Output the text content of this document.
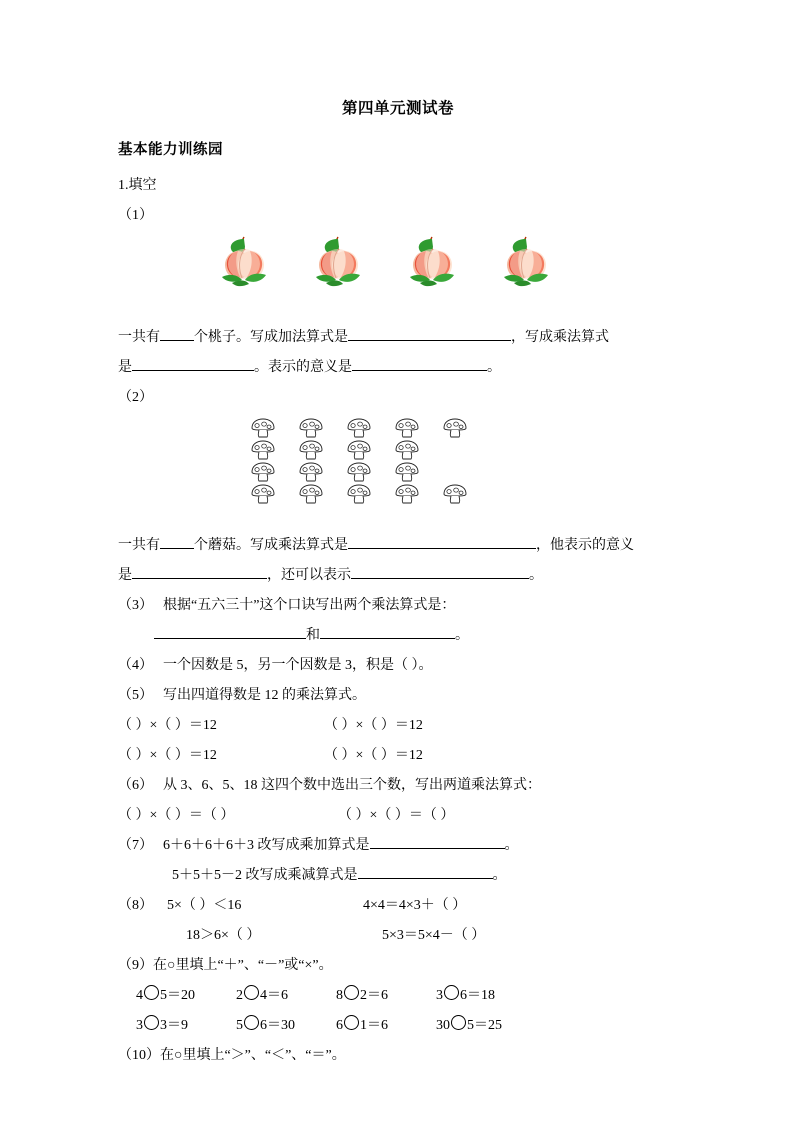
第四单元测试卷
基本能力训练园
1.填空
（1）

一共有 个桃子。写成加法算式是	，写成乘法算式
是	。表示的意义是	。
（2）

一共有 个蘑菇。写成乘法算式是	，他表示的意义
是	，还可以表示	。
（3） 根据“五六三十”这个口诀写出两个乘法算式是：
和	。
（4） 一个因数是 5，另一个因数是 3，积是（ ）。
（5） 写出四道得数是 12 的乘法算式。
（ ）×（ ）＝12	（ ）×（ ）＝12
（ ）×（ ）＝12	（ ）×（ ）＝12
（6） 从 3、6、5、18 这四个数中选出三个数，写出两道乘法算式：
（ ）×（ ）＝（ ）	（ ）×（ ）＝（ ）
（7） 6＋6＋6＋6＋3 改写成乘加算式是	。
5＋5＋5－2 改写成乘减算式是	。
（8） 5×（ ）＜16	4×4＝4×3＋（ ）
18＞6×（ ）	5×3＝5×4－（ ）
（9）在○里填上“＋”、“－”或“×”。
4 5＝20	2 4＝6	8 2＝6	3 6＝18
3 3＝9	5 6＝30	6 1＝6	30 5＝25
（10）在○里填上“＞”、“＜”、“＝”。
